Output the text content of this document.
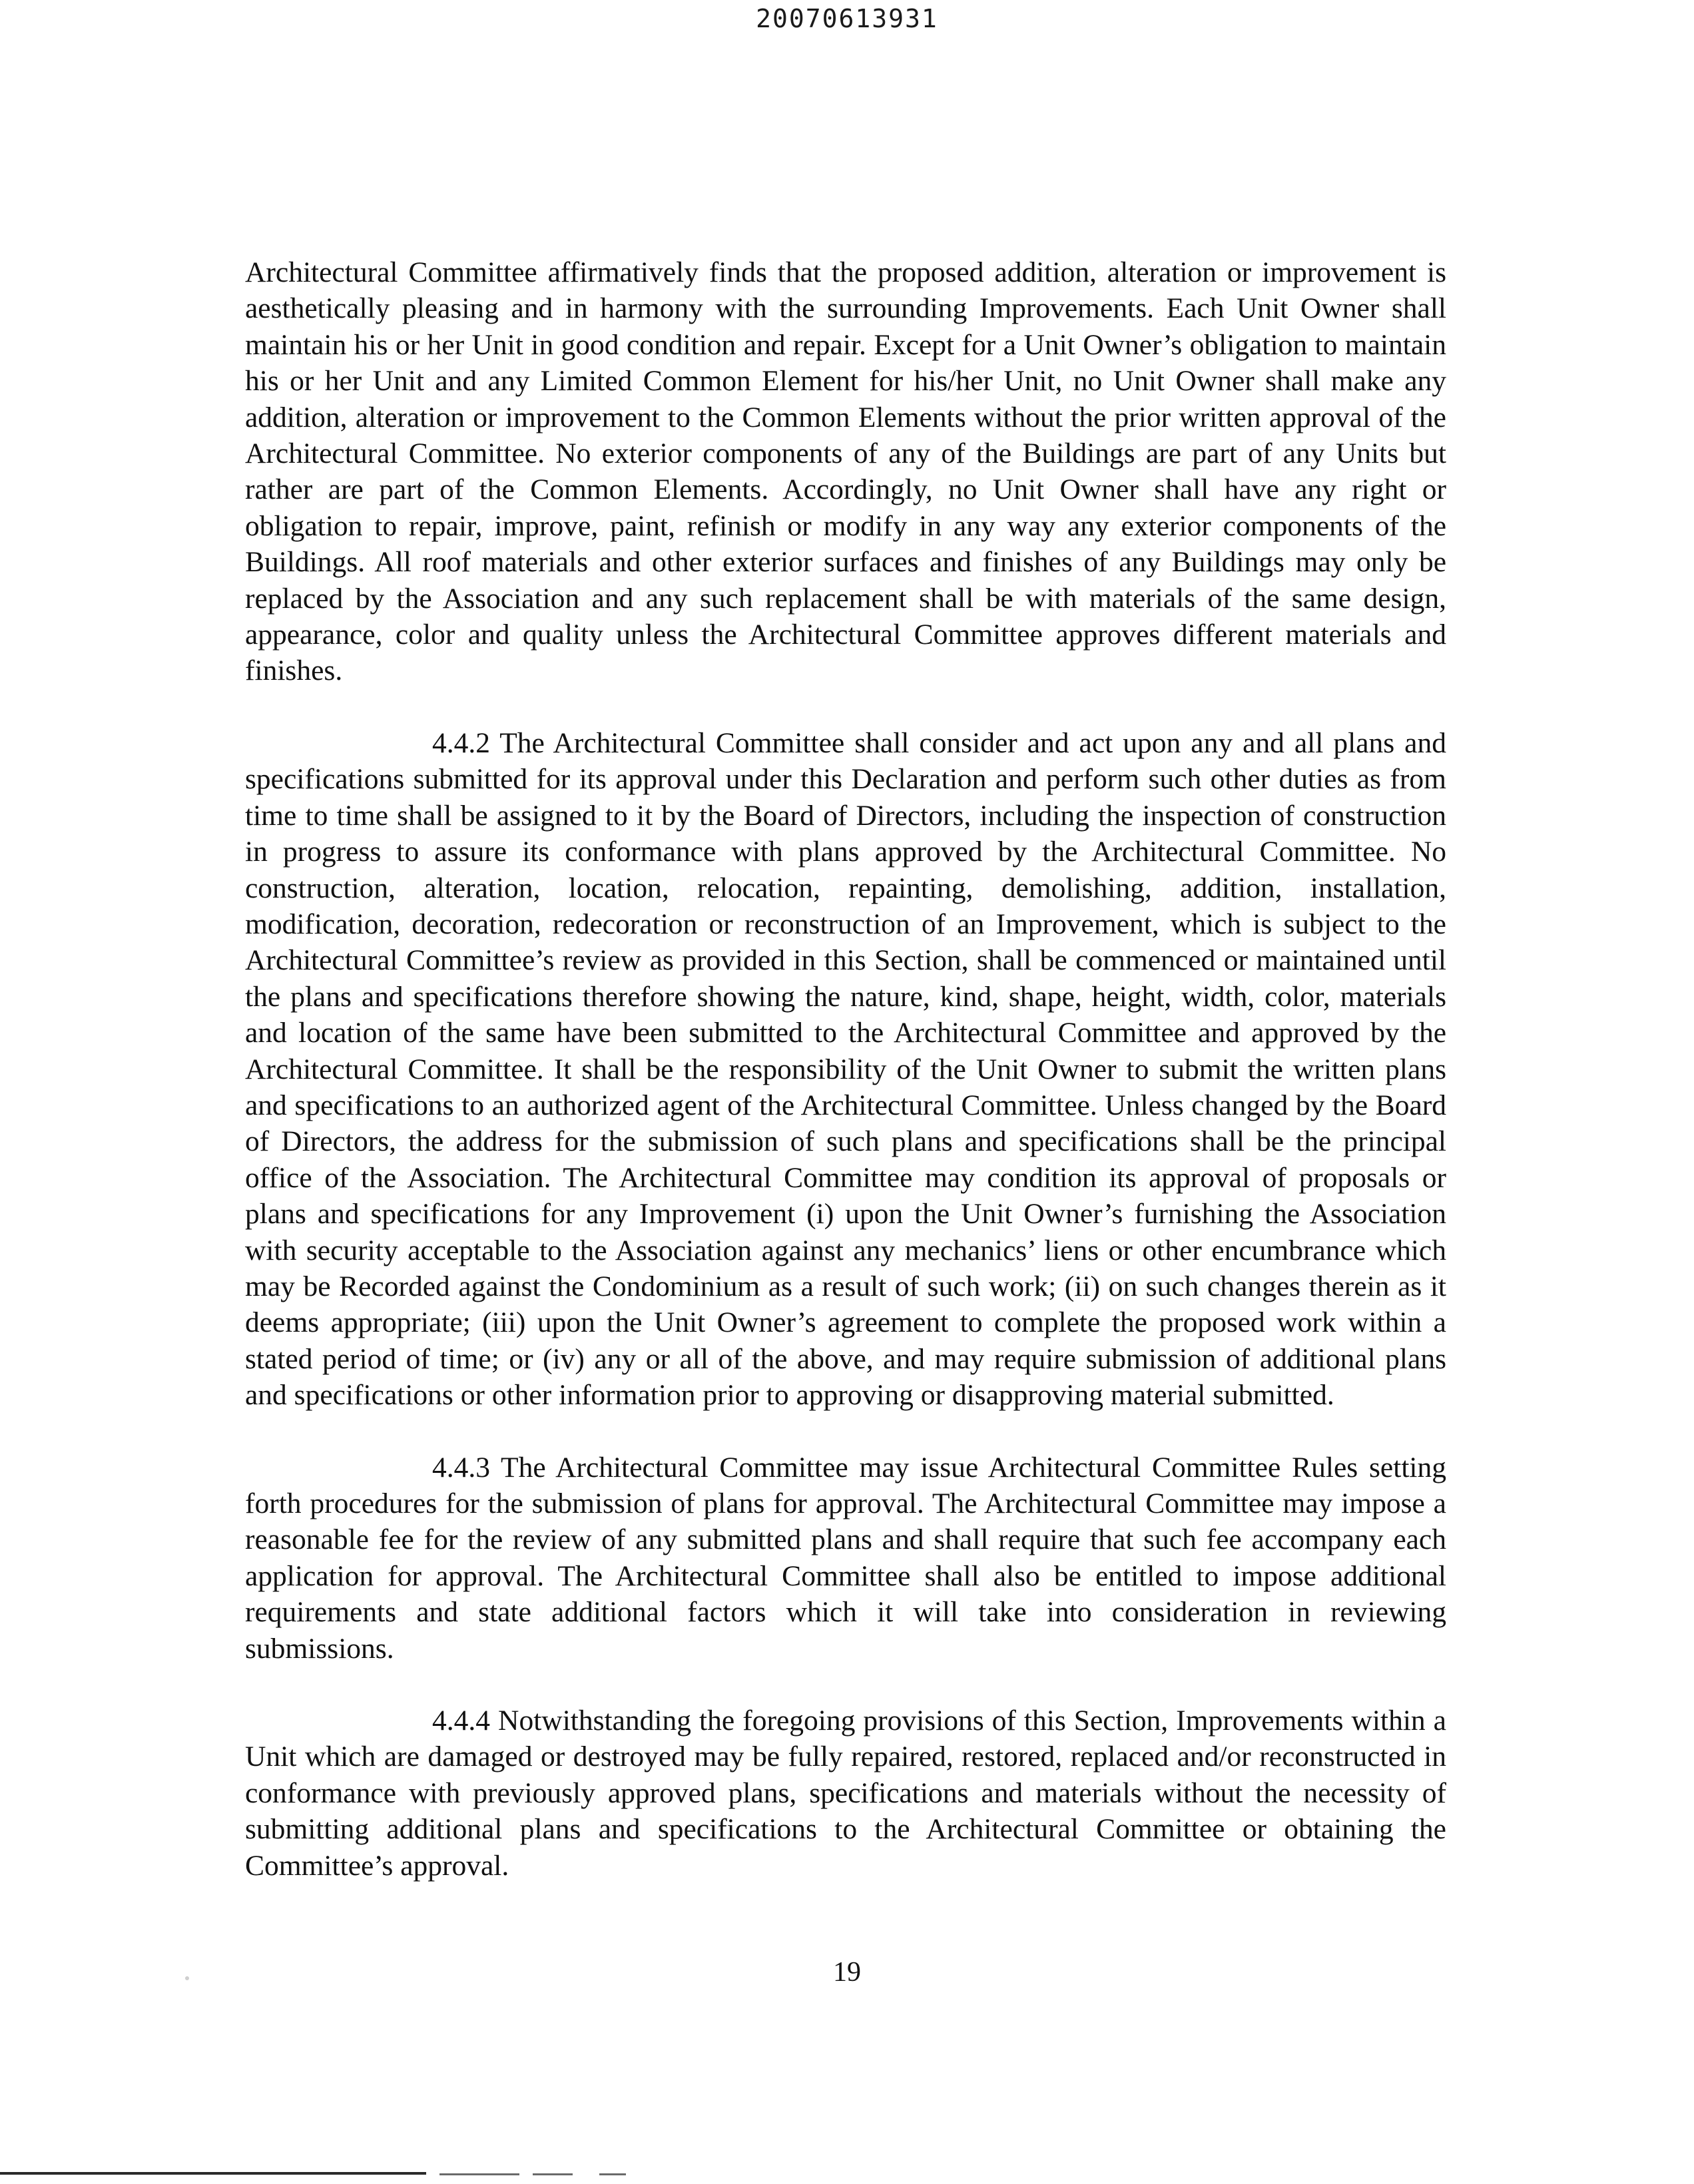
20070613931

Architectural Committee affirmatively finds that the proposed addition, alteration or improvement is aesthetically pleasing and in harmony with the surrounding Improvements. Each Unit Owner shall maintain his or her Unit in good condition and repair. Except for a Unit Owner’s obligation to maintain his or her Unit and any Limited Common Element for his/her Unit, no Unit Owner shall make any addition, alteration or improvement to the Common Elements without the prior written approval of the Architectural Committee. No exterior components of any of the Buildings are part of any Units but rather are part of the Common Elements. Accordingly, no Unit Owner shall have any right or obligation to repair, improve, paint, refinish or modify in any way any exterior components of the Buildings. All roof materials and other exterior surfaces and finishes of any Buildings may only be replaced by the Association and any such replacement shall be with materials of the same design, appearance, color and quality unless the Architectural Committee approves different materials and finishes.

4.4.2 The Architectural Committee shall consider and act upon any and all plans and specifications submitted for its approval under this Declaration and perform such other duties as from time to time shall be assigned to it by the Board of Directors, including the inspection of construction in progress to assure its conformance with plans approved by the Architectural Committee. No construction, alteration, location, relocation, repainting, demolishing, addition, installation, modification, decoration, redecoration or reconstruction of an Improvement, which is subject to the Architectural Committee’s review as provided in this Section, shall be commenced or maintained until the plans and specifications therefore showing the nature, kind, shape, height, width, color, materials and location of the same have been submitted to the Architectural Committee and approved by the Architectural Committee. It shall be the responsibility of the Unit Owner to submit the written plans and specifications to an authorized agent of the Architectural Committee. Unless changed by the Board of Directors, the address for the submission of such plans and specifications shall be the principal office of the Association. The Architectural Committee may condition its approval of proposals or plans and specifications for any Improvement (i) upon the Unit Owner’s furnishing the Association with security acceptable to the Association against any mechanics’ liens or other encumbrance which may be Recorded against the Condominium as a result of such work; (ii) on such changes therein as it deems appropriate; (iii) upon the Unit Owner’s agreement to complete the proposed work within a stated period of time; or (iv) any or all of the above, and may require submission of additional plans and specifications or other information prior to approving or disapproving material submitted.

4.4.3 The Architectural Committee may issue Architectural Committee Rules setting forth procedures for the submission of plans for approval. The Architectural Committee may impose a reasonable fee for the review of any submitted plans and shall require that such fee accompany each application for approval. The Architectural Committee shall also be entitled to impose additional requirements and state additional factors which it will take into consideration in reviewing submissions.

4.4.4 Notwithstanding the foregoing provisions of this Section, Improvements within a Unit which are damaged or destroyed may be fully repaired, restored, replaced and/or reconstructed in conformance with previously approved plans, specifications and materials without the necessity of submitting additional plans and specifications to the Architectural Committee or obtaining the Committee’s approval.

19
